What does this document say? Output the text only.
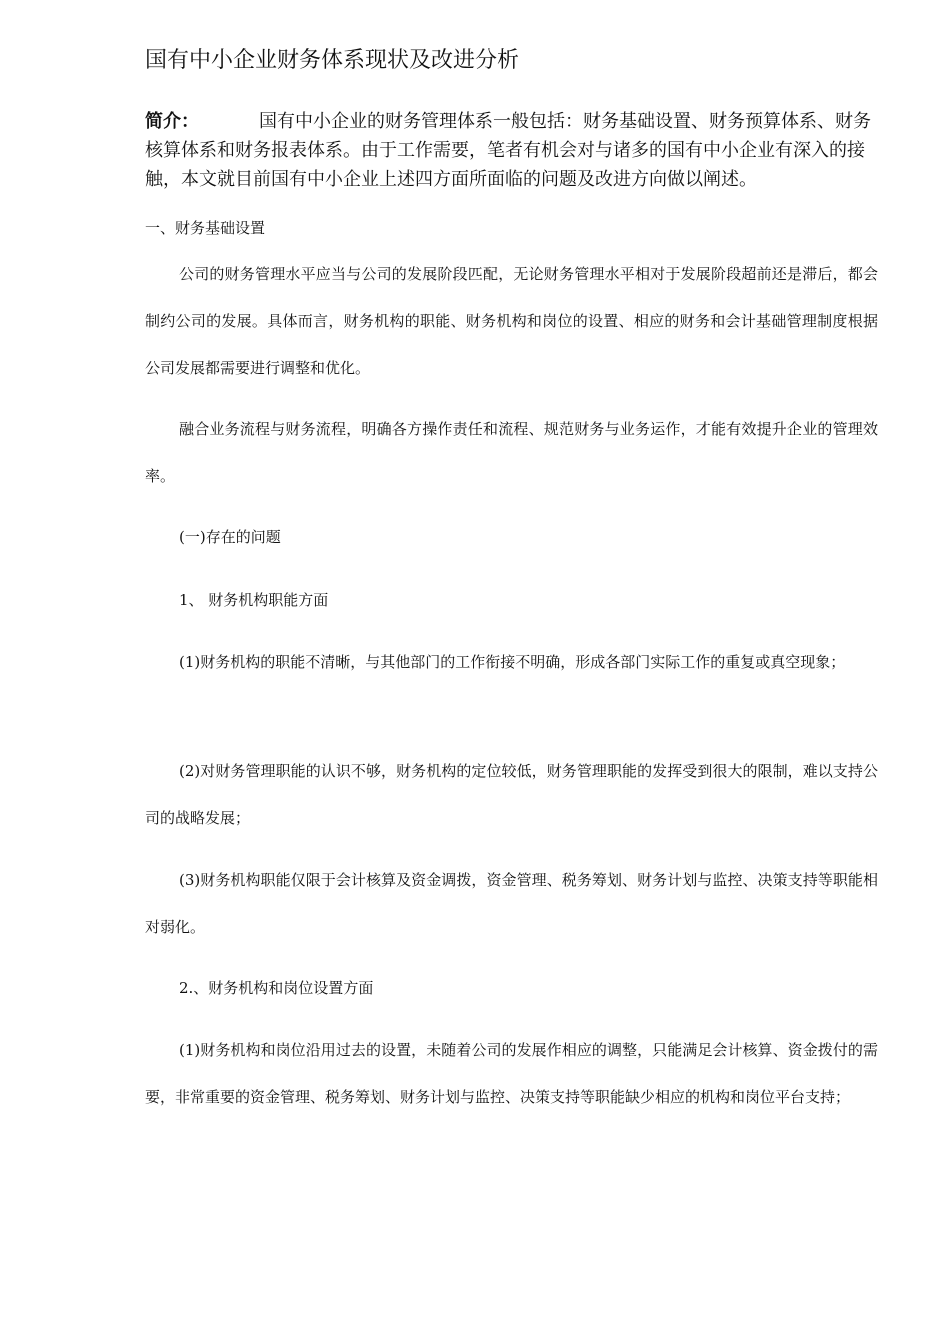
国有中小企业财务体系现状及改进分析

简介：	国有中小企业的财务管理体系一般包括：财务基础设置、财务预算体系、财务核算体系和财务报表体系。由于工作需要，笔者有机会对与诸多的国有中小企业有深入的接触，本文就目前国有中小企业上述四方面所面临的问题及改进方向做以阐述。

一、财务基础设置

公司的财务管理水平应当与公司的发展阶段匹配，无论财务管理水平相对于发展阶段超前还是滞后，都会制约公司的发展。具体而言，财务机构的职能、财务机构和岗位的设置、相应的财务和会计基础管理制度根据公司发展都需要进行调整和优化。

融合业务流程与财务流程，明确各方操作责任和流程、规范财务与业务运作，才能有效提升企业的管理效率。

(一)存在的问题

1、 财务机构职能方面

(1)财务机构的职能不清晰，与其他部门的工作衔接不明确，形成各部门实际工作的重复或真空现象；

(2)对财务管理职能的认识不够，财务机构的定位较低，财务管理职能的发挥受到很大的限制，难以支持公司的战略发展；

(3)财务机构职能仅限于会计核算及资金调拨，资金管理、税务筹划、财务计划与监控、决策支持等职能相对弱化。

2.、财务机构和岗位设置方面

(1)财务机构和岗位沿用过去的设置，未随着公司的发展作相应的调整，只能满足会计核算、资金拨付的需要，非常重要的资金管理、税务筹划、财务计划与监控、决策支持等职能缺少相应的机构和岗位平台支持；
